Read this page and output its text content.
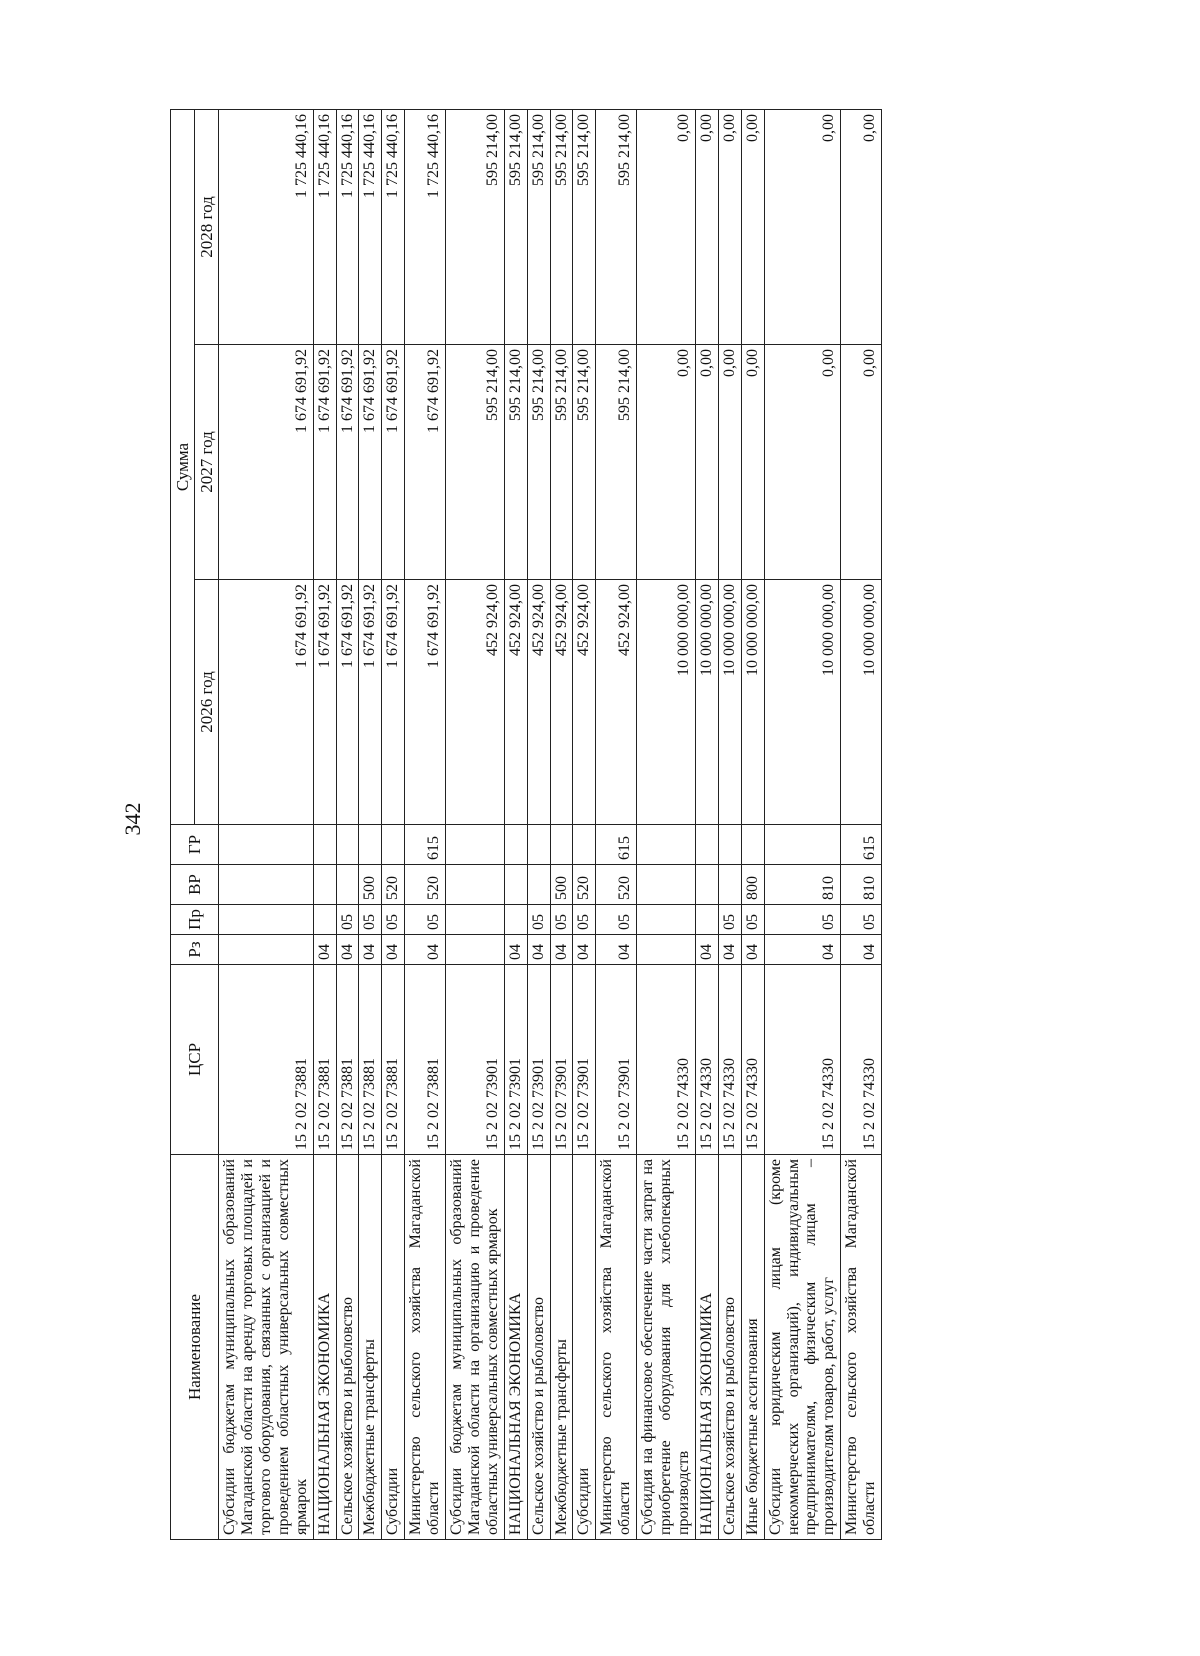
342
Наименование	ЦСР	Рз	Пр	ВР	ГР	Сумма		
						2026 год	2027 год	2028 год
Субсидии бюджетам муниципальных образований Магаданской области на аренду торговых площадей и торгового оборудования, связанных с организацией и проведением областных универсальных совместных ярмарок	15 2 02 73881					1 674 691,92	1 674 691,92	1 725 440,16
НАЦИОНАЛЬНАЯ ЭКОНОМИКА	15 2 02 73881	04				1 674 691,92	1 674 691,92	1 725 440,16
Сельское хозяйство и рыболовство	15 2 02 73881	04	05			1 674 691,92	1 674 691,92	1 725 440,16
Межбюджетные трансферты	15 2 02 73881	04	05	500		1 674 691,92	1 674 691,92	1 725 440,16
Субсидии	15 2 02 73881	04	05	520		1 674 691,92	1 674 691,92	1 725 440,16
Министерство сельского хозяйства Магаданской области	15 2 02 73881	04	05	520	615	1 674 691,92	1 674 691,92	1 725 440,16
Субсидии бюджетам муниципальных образований Магаданской области на организацию и проведение областных универсальных совместных ярмарок	15 2 02 73901					452 924,00	595 214,00	595 214,00
НАЦИОНАЛЬНАЯ ЭКОНОМИКА	15 2 02 73901	04				452 924,00	595 214,00	595 214,00
Сельское хозяйство и рыболовство	15 2 02 73901	04	05			452 924,00	595 214,00	595 214,00
Межбюджетные трансферты	15 2 02 73901	04	05	500		452 924,00	595 214,00	595 214,00
Субсидии	15 2 02 73901	04	05	520		452 924,00	595 214,00	595 214,00
Министерство сельского хозяйства Магаданской области	15 2 02 73901	04	05	520	615	452 924,00	595 214,00	595 214,00
Субсидия на финансовое обеспечение части затрат на приобретение оборудования для хлебопекарных производств	15 2 02 74330					10 000 000,00	0,00	0,00
НАЦИОНАЛЬНАЯ ЭКОНОМИКА	15 2 02 74330	04				10 000 000,00	0,00	0,00
Сельское хозяйство и рыболовство	15 2 02 74330	04	05			10 000 000,00	0,00	0,00
Иные бюджетные ассигнования	15 2 02 74330	04	05	800		10 000 000,00	0,00	0,00
Субсидии юридическим лицам (кроме некоммерческих организаций), индивидуальным предпринимателям, физическим лицам – производителям товаров, работ, услуг	15 2 02 74330	04	05	810		10 000 000,00	0,00	0,00
Министерство сельского хозяйства Магаданской области	15 2 02 74330	04	05	810	615	10 000 000,00	0,00	0,00
